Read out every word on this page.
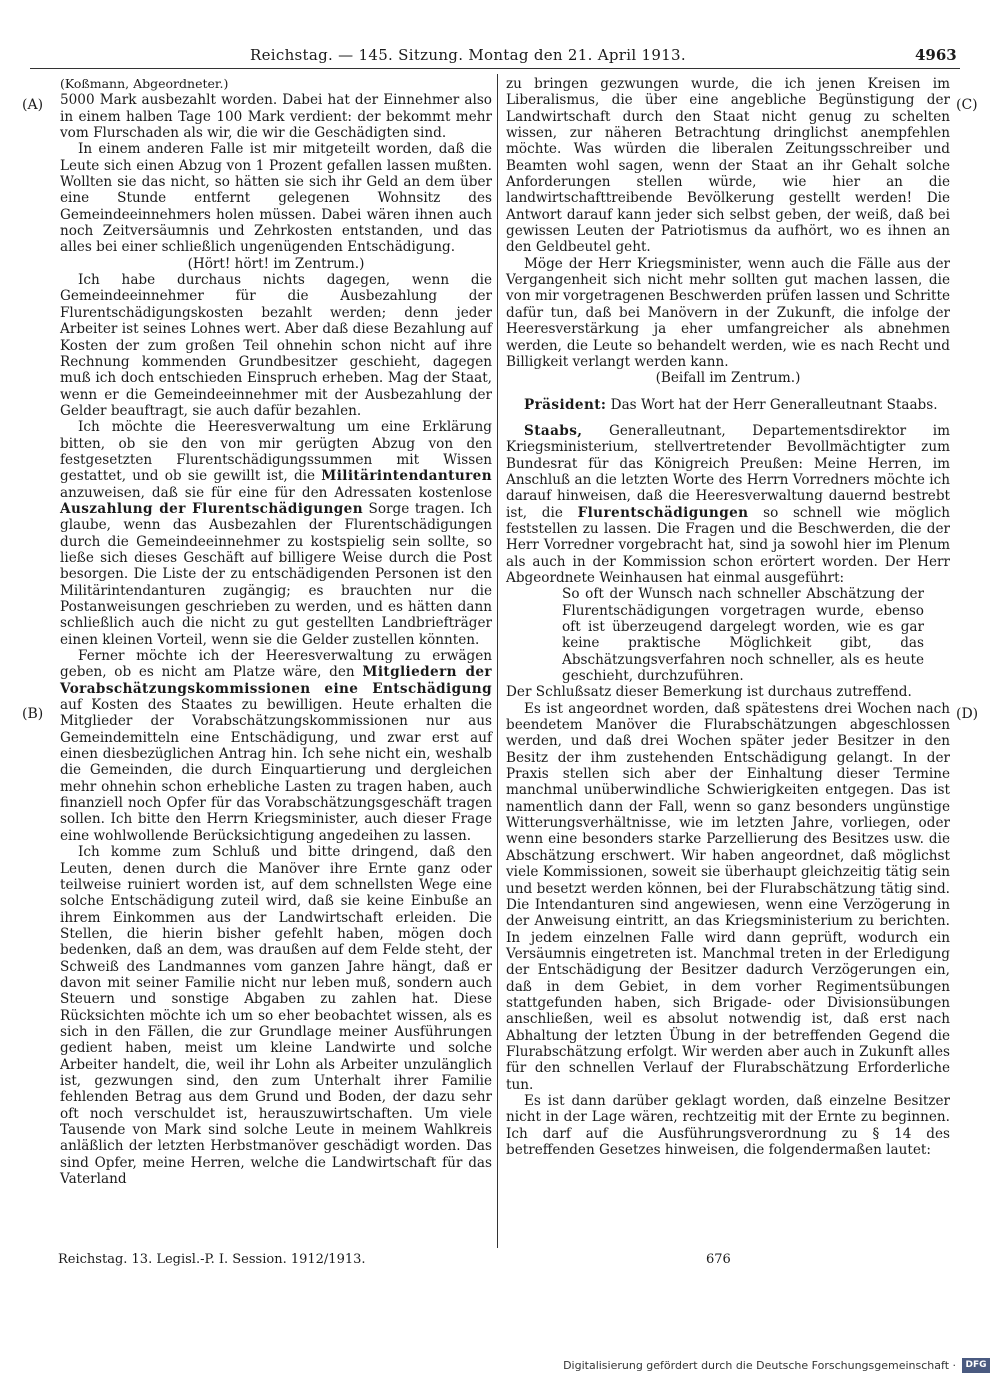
Reichstag. — 145. Sitzung. Montag den 21. April 1913.	4963
(A)
(B)
(C)
(D)

(Koßmann, Abgeordneter.)

5000 Mark ausbezahlt worden. Dabei hat der Einnehmer also in einem halben Tage 100 Mark verdient: der bekommt mehr vom Flurschaden als wir, die wir die Geschädigten sind.

In einem anderen Falle ist mir mitgeteilt worden, daß die Leute sich einen Abzug von 1 Prozent gefallen lassen mußten. Wollten sie das nicht, so hätten sie sich ihr Geld an dem über eine Stunde entfernt gelegenen Wohnsitz des Gemeindeeinnehmers holen müssen. Dabei wären ihnen auch noch Zeitversäumnis und Zehrkosten entstanden, und das alles bei einer schließlich ungenügenden Entschädigung.

(Hört! hört! im Zentrum.)

Ich habe durchaus nichts dagegen, wenn die Gemeindeeinnehmer für die Ausbezahlung der Flurentschädigungskosten bezahlt werden; denn jeder Arbeiter ist seines Lohnes wert. Aber daß diese Bezahlung auf Kosten der zum großen Teil ohnehin schon nicht auf ihre Rechnung kommenden Grundbesitzer geschieht, dagegen muß ich doch entschieden Einspruch erheben. Mag der Staat, wenn er die Gemeindeeinnehmer mit der Ausbezahlung der Gelder beauftragt, sie auch dafür bezahlen.

Ich möchte die Heeresverwaltung um eine Erklärung bitten, ob sie den von mir gerügten Abzug von den festgesetzten Flurentschädigungssummen mit Wissen gestattet, und ob sie gewillt ist, die Militärintendanturen anzuweisen, daß sie für eine für den Adressaten kostenlose Auszahlung der Flurentschädigungen Sorge tragen. Ich glaube, wenn das Ausbezahlen der Flurentschädigungen durch die Gemeindeeinnehmer zu kostspielig sein sollte, so ließe sich dieses Geschäft auf billigere Weise durch die Post besorgen. Die Liste der zu entschädigenden Personen ist den Militärintendanturen zugängig; es brauchten nur die Postanweisungen geschrieben zu werden, und es hätten dann schließlich auch die nicht zu gut gestellten Landbriefträger einen kleinen Vorteil, wenn sie die Gelder zustellen könnten.

Ferner möchte ich der Heeresverwaltung zu erwägen geben, ob es nicht am Platze wäre, den Mitgliedern der Vorabschätzungskommissionen eine Entschädigung auf Kosten des Staates zu bewilligen. Heute erhalten die Mitglieder der Vorabschätzungskommissionen nur aus Gemeindemitteln eine Entschädigung, und zwar erst auf einen diesbezüglichen Antrag hin. Ich sehe nicht ein, weshalb die Gemeinden, die durch Einquartierung und dergleichen mehr ohnehin schon erhebliche Lasten zu tragen haben, auch finanziell noch Opfer für das Vorabschätzungsgeschäft tragen sollen. Ich bitte den Herrn Kriegsminister, auch dieser Frage eine wohlwollende Berücksichtigung angedeihen zu lassen.

Ich komme zum Schluß und bitte dringend, daß den Leuten, denen durch die Manöver ihre Ernte ganz oder teilweise ruiniert worden ist, auf dem schnellsten Wege eine solche Entschädigung zuteil wird, daß sie keine Einbuße an ihrem Einkommen aus der Landwirtschaft erleiden. Die Stellen, die hierin bisher gefehlt haben, mögen doch bedenken, daß an dem, was draußen auf dem Felde steht, der Schweiß des Landmannes vom ganzen Jahre hängt, daß er davon mit seiner Familie nicht nur leben muß, sondern auch Steuern und sonstige Abgaben zu zahlen hat. Diese Rücksichten möchte ich um so eher beobachtet wissen, als es sich in den Fällen, die zur Grundlage meiner Ausführungen gedient haben, meist um kleine Landwirte und solche Arbeiter handelt, die, weil ihr Lohn als Arbeiter unzulänglich ist, gezwungen sind, den zum Unterhalt ihrer Familie fehlenden Betrag aus dem Grund und Boden, der dazu sehr oft noch verschuldet ist, herauszuwirtschaften. Um viele Tausende von Mark sind solche Leute in meinem Wahlkreis anläßlich der letzten Herbstmanöver geschädigt worden. Das sind Opfer, meine Herren, welche die Landwirtschaft für das Vaterland

zu bringen gezwungen wurde, die ich jenen Kreisen im Liberalismus, die über eine angebliche Begünstigung der Landwirtschaft durch den Staat nicht genug zu schelten wissen, zur näheren Betrachtung dringlichst anempfehlen möchte. Was würden die liberalen Zeitungsschreiber und Beamten wohl sagen, wenn der Staat an ihr Gehalt solche Anforderungen stellen würde, wie hier an die landwirtschafttreibende Bevölkerung gestellt werden! Die Antwort darauf kann jeder sich selbst geben, der weiß, daß bei gewissen Leuten der Patriotismus da aufhört, wo es ihnen an den Geldbeutel geht.

Möge der Herr Kriegsminister, wenn auch die Fälle aus der Vergangenheit sich nicht mehr sollten gut machen lassen, die von mir vorgetragenen Beschwerden prüfen lassen und Schritte dafür tun, daß bei Manövern in der Zukunft, die infolge der Heeresverstärkung ja eher umfangreicher als abnehmen werden, die Leute so behandelt werden, wie es nach Recht und Billigkeit verlangt werden kann.

(Beifall im Zentrum.)

Präsident: Das Wort hat der Herr Generalleutnant Staabs.

Staabs, Generalleutnant, Departementsdirektor im Kriegsministerium, stellvertretender Bevollmächtigter zum Bundesrat für das Königreich Preußen: Meine Herren, im Anschluß an die letzten Worte des Herrn Vorredners möchte ich darauf hinweisen, daß die Heeresverwaltung dauernd bestrebt ist, die Flurentschädigungen so schnell wie möglich feststellen zu lassen. Die Fragen und die Beschwerden, die der Herr Vorredner vorgebracht hat, sind ja sowohl hier im Plenum als auch in der Kommission schon erörtert worden. Der Herr Abgeordnete Weinhausen hat einmal ausgeführt:

So oft der Wunsch nach schneller Abschätzung der Flurentschädigungen vorgetragen wurde, ebenso oft ist überzeugend dargelegt worden, wie es gar keine praktische Möglichkeit gibt, das Abschätzungsverfahren noch schneller, als es heute geschieht, durchzuführen.

Der Schlußsatz dieser Bemerkung ist durchaus zutreffend.

Es ist angeordnet worden, daß spätestens drei Wochen nach beendetem Manöver die Flurabschätzungen abgeschlossen werden, und daß drei Wochen später jeder Besitzer in den Besitz der ihm zustehenden Entschädigung gelangt. In der Praxis stellen sich aber der Einhaltung dieser Termine manchmal unüberwindliche Schwierigkeiten entgegen. Das ist namentlich dann der Fall, wenn so ganz besonders ungünstige Witterungsverhältnisse, wie im letzten Jahre, vorliegen, oder wenn eine besonders starke Parzellierung des Besitzes usw. die Abschätzung erschwert. Wir haben angeordnet, daß möglichst viele Kommissionen, soweit sie überhaupt gleichzeitig tätig sein und besetzt werden können, bei der Flurabschätzung tätig sind. Die Intendanturen sind angewiesen, wenn eine Verzögerung in der Anweisung eintritt, an das Kriegsministerium zu berichten. In jedem einzelnen Falle wird dann geprüft, wodurch ein Versäumnis eingetreten ist. Manchmal treten in der Erledigung der Entschädigung der Besitzer dadurch Verzögerungen ein, daß in dem Gebiet, in dem vorher Regimentsübungen stattgefunden haben, sich Brigade- oder Divisionsübungen anschließen, weil es absolut notwendig ist, daß erst nach Abhaltung der letzten Übung in der betreffenden Gegend die Flurabschätzung erfolgt. Wir werden aber auch in Zukunft alles für den schnellen Verlauf der Flurabschätzung Erforderliche tun.

Es ist dann darüber geklagt worden, daß einzelne Besitzer nicht in der Lage wären, rechtzeitig mit der Ernte zu beginnen. Ich darf auf die Ausführungsverordnung zu § 14 des betreffenden Gesetzes hinweisen, die folgendermaßen lautet:

Reichstag. 13. Legisl.-P. I. Session. 1912/1913.	676
Digitalisierung gefördert durch die Deutsche Forschungsgemeinschaft ·	DFG
